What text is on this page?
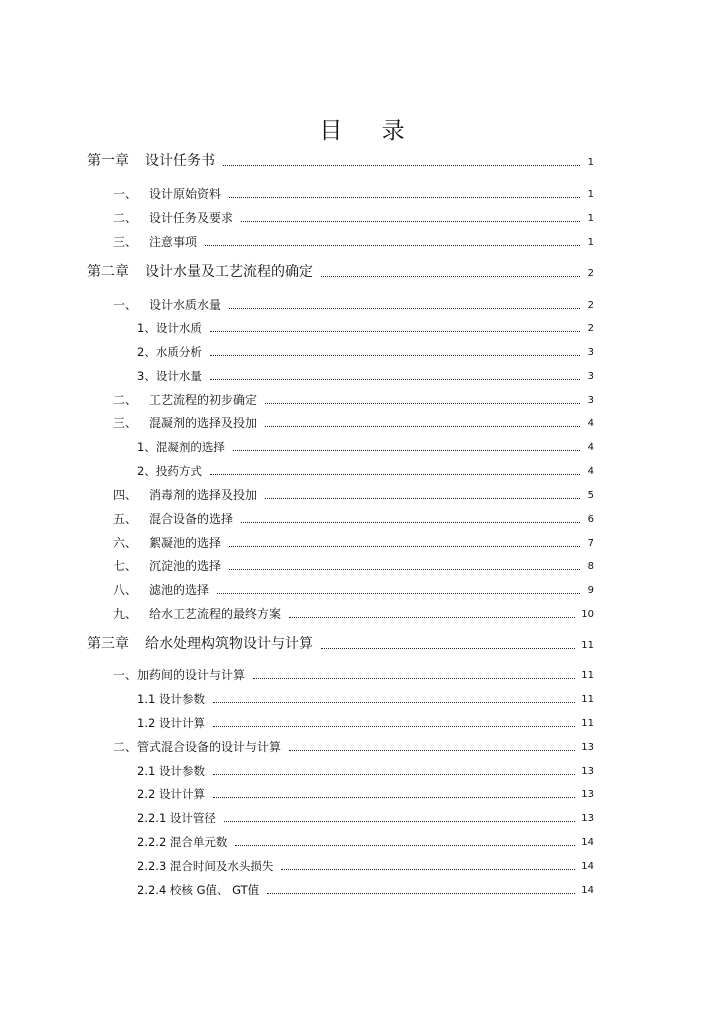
目 录
第一章 设计任务书	1
一、 设计原始资料	1
二、 设计任务及要求	1
三、 注意事项	1
第二章 设计水量及工艺流程的确定	2
一、 设计水质水量	2
1、设计水质	2
2、水质分析	3
3、设计水量	3
二、 工艺流程的初步确定	3
三、 混凝剂的选择及投加	4
1、混凝剂的选择	4
2、投药方式	4
四、 消毒剂的选择及投加	5
五、 混合设备的选择	6
六、 絮凝池的选择	7
七、 沉淀池的选择	8
八、 滤池的选择	9
九、 给水工艺流程的最终方案	10
第三章 给水处理构筑物设计与计算	11
一、加药间的设计与计算	11
1.1 设计参数	11
1.2 设计计算	11
二、管式混合设备的设计与计算	13
2.1 设计参数	13
2.2 设计计算	13
2.2.1 设计管径	13
2.2.2 混合单元数	14
2.2.3 混合时间及水头损失	14
2.2.4 校核 G值、 GT值	14
